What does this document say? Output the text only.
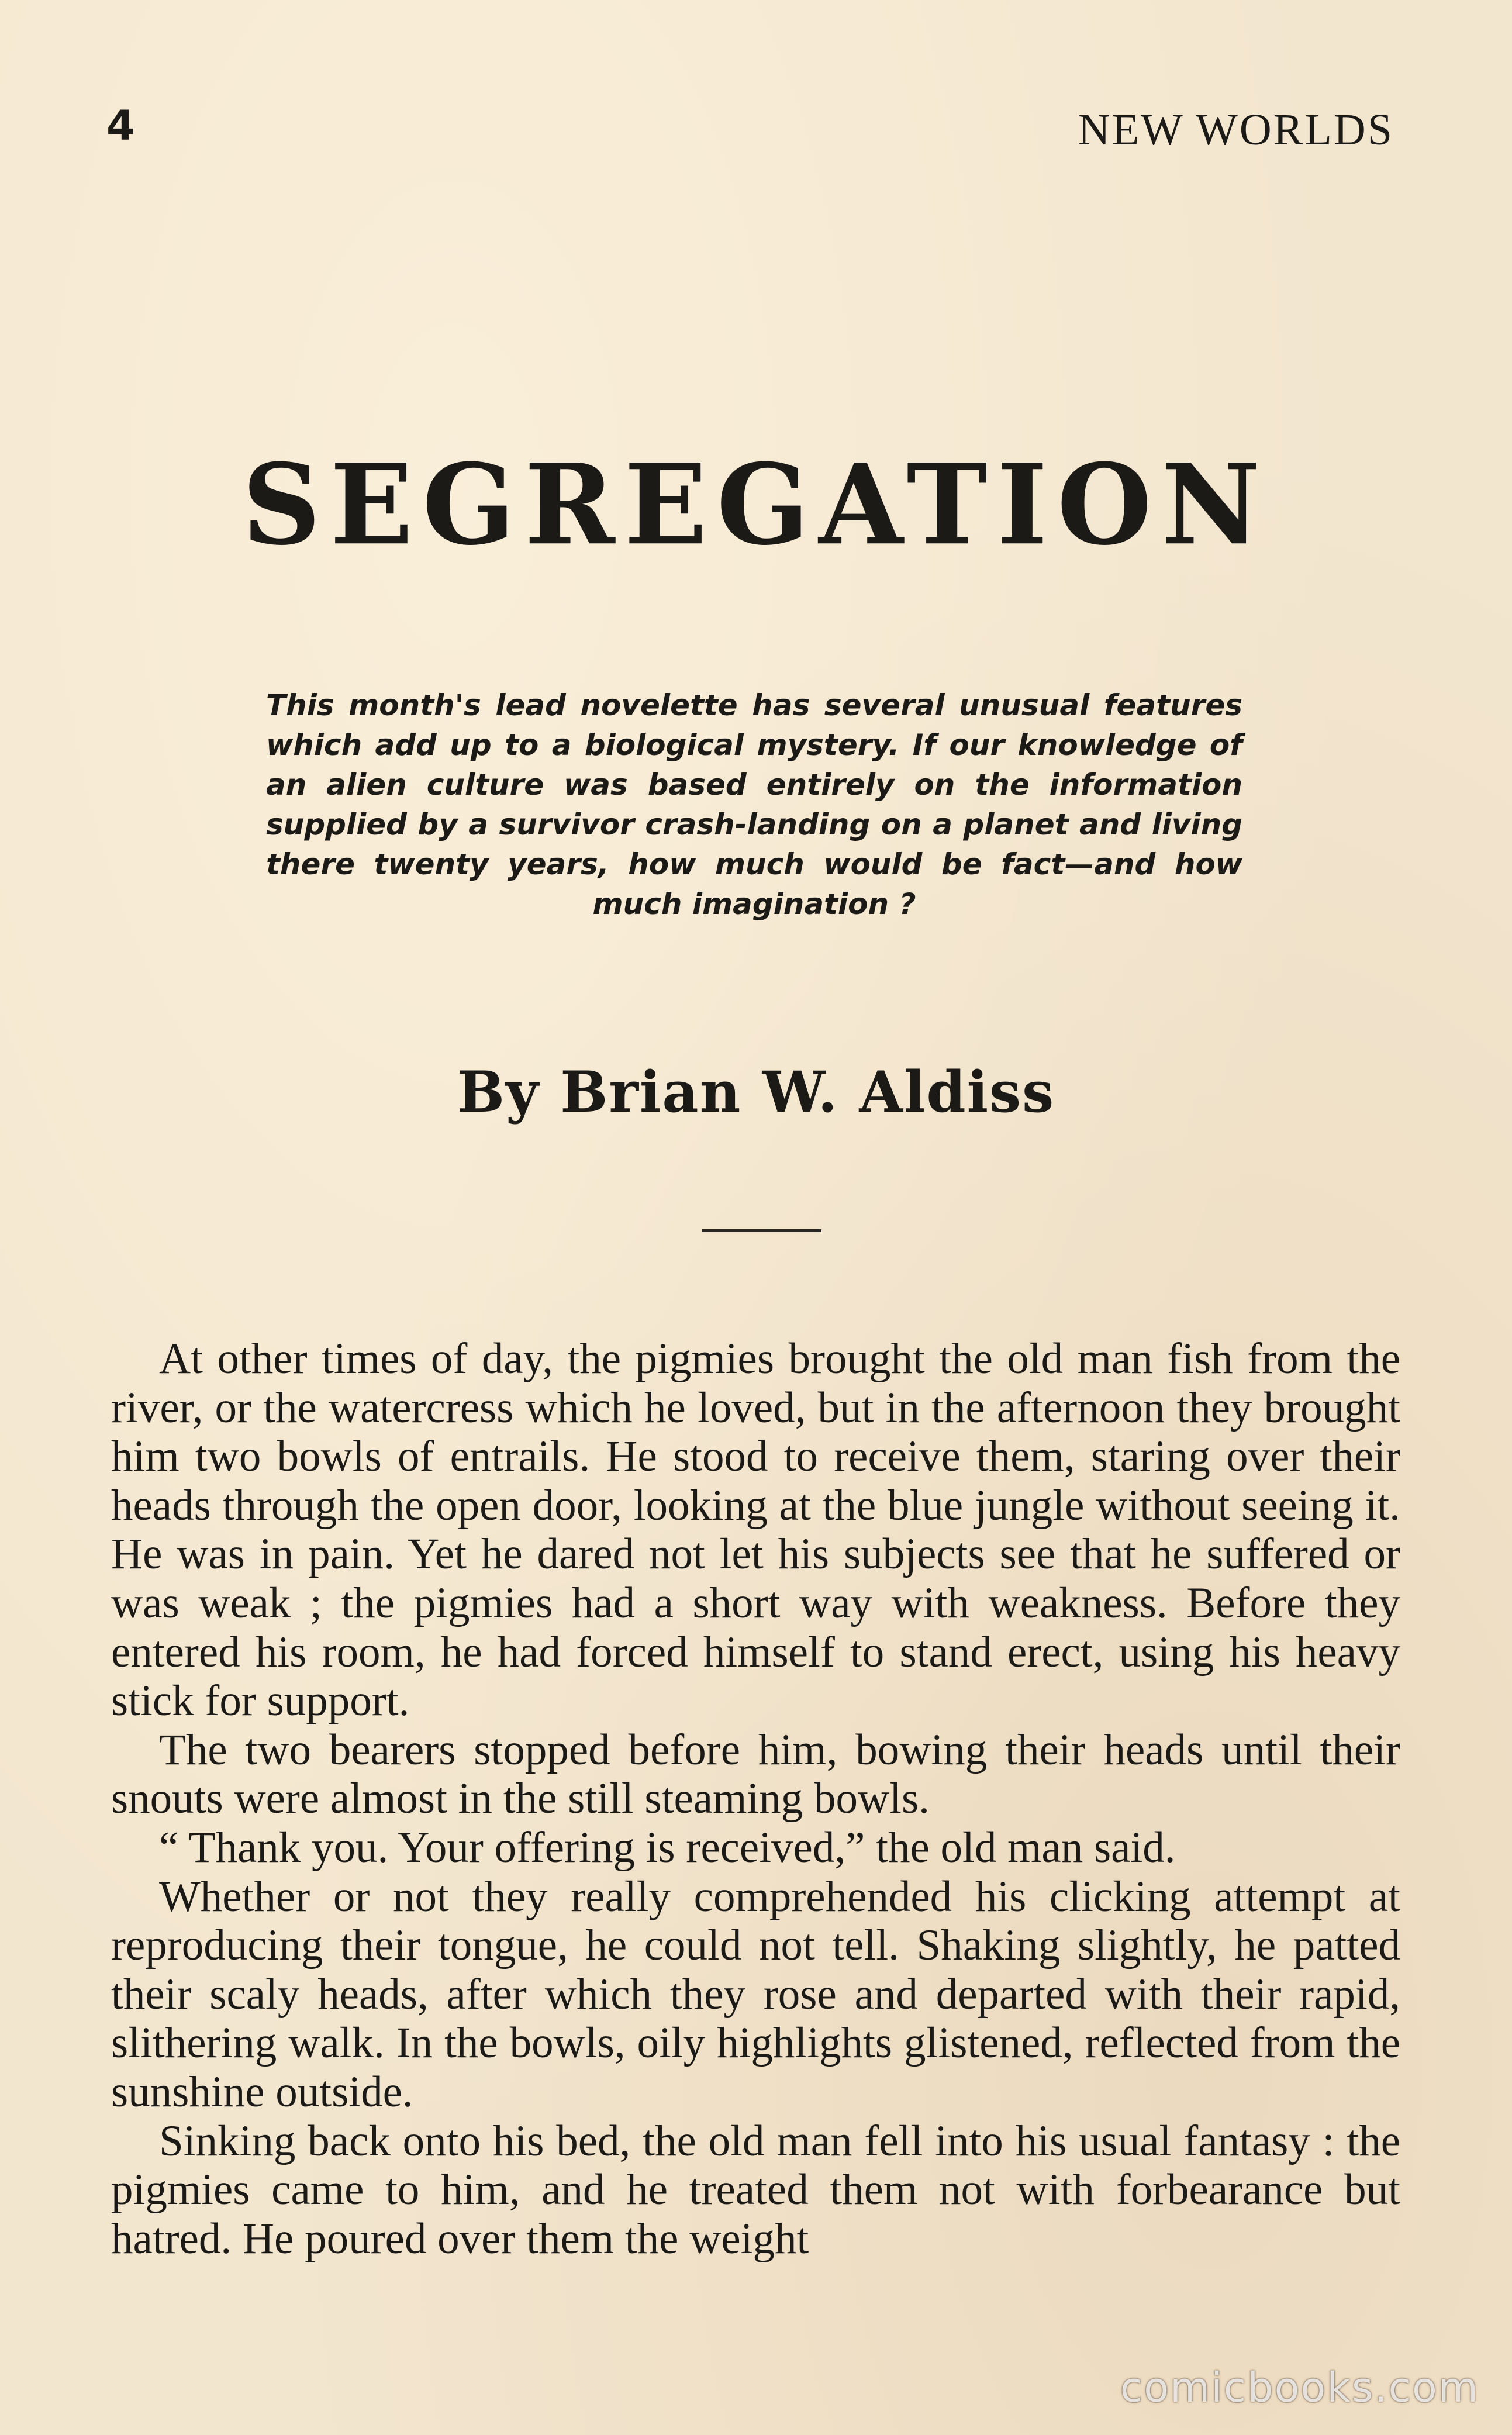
4	NEW WORLDS
SEGREGATION

This month's lead novelette has several unusual features which add up to a biological mystery. If our knowledge of an alien culture was based entirely on the information supplied by a survivor crash-landing on a planet and living there twenty years, how much would be fact—and how much imagination ?

By Brian W. Aldiss

At other times of day, the pigmies brought the old man fish from the river, or the watercress which he loved, but in the afternoon they brought him two bowls of entrails. He stood to receive them, staring over their heads through the open door, looking at the blue jungle without seeing it. He was in pain. Yet he dared not let his subjects see that he suffered or was weak ; the pigmies had a short way with weakness. Before they entered his room, he had forced himself to stand erect, using his heavy stick for support.

The two bearers stopped before him, bowing their heads until their snouts were almost in the still steaming bowls.

“ Thank you. Your offering is received,” the old man said.

Whether or not they really comprehended his clicking attempt at reproducing their tongue, he could not tell. Shaking slightly, he patted their scaly heads, after which they rose and departed with their rapid, slithering walk. In the bowls, oily highlights glistened, reflected from the sunshine outside.

Sinking back onto his bed, the old man fell into his usual fantasy : the pigmies came to him, and he treated them not with forbearance but hatred. He poured over them the weight

comicbooks.com
